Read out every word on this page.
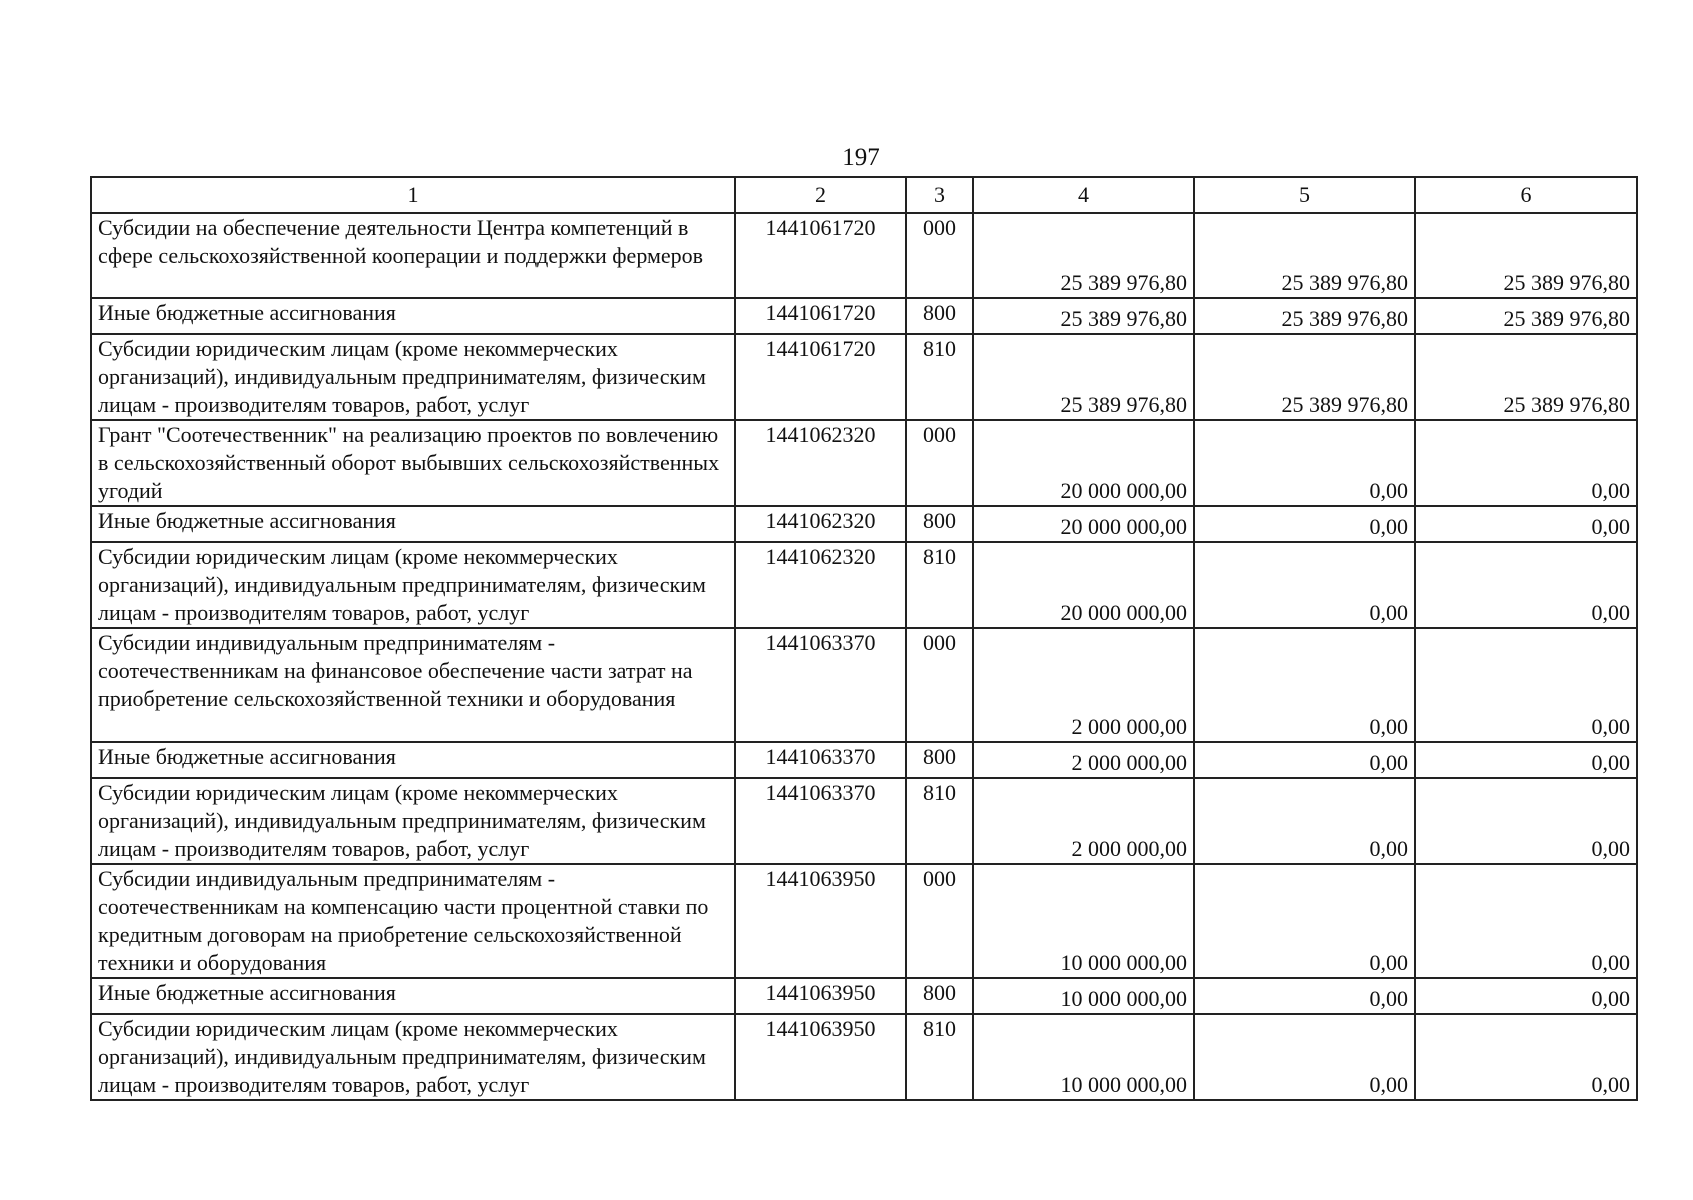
197
1	2	3	4	5	6
Субсидии на обеспечение деятельности Центра компетенций в сфере сельскохозяйственной кооперации и поддержки фермеров	1441061720	000	25 389 976,80	25 389 976,80	25 389 976,80
Иные бюджетные ассигнования	1441061720	800	25 389 976,80	25 389 976,80	25 389 976,80
Субсидии юридическим лицам (кроме некоммерческих организаций), индивидуальным предпринимателям, физическим лицам - производителям товаров, работ, услуг	1441061720	810	25 389 976,80	25 389 976,80	25 389 976,80
Грант "Соотечественник" на реализацию проектов по вовлечению в сельскохозяйственный оборот выбывших сельскохозяйственных угодий	1441062320	000	20 000 000,00	0,00	0,00
Иные бюджетные ассигнования	1441062320	800	20 000 000,00	0,00	0,00
Субсидии юридическим лицам (кроме некоммерческих организаций), индивидуальным предпринимателям, физическим лицам - производителям товаров, работ, услуг	1441062320	810	20 000 000,00	0,00	0,00
Субсидии индивидуальным предпринимателям - соотечественникам на финансовое обеспечение части затрат на приобретение сельскохозяйственной техники и оборудования	1441063370	000	2 000 000,00	0,00	0,00
Иные бюджетные ассигнования	1441063370	800	2 000 000,00	0,00	0,00
Субсидии юридическим лицам (кроме некоммерческих организаций), индивидуальным предпринимателям, физическим лицам - производителям товаров, работ, услуг	1441063370	810	2 000 000,00	0,00	0,00
Субсидии индивидуальным предпринимателям - соотечественникам на компенсацию части процентной ставки по кредитным договорам на приобретение сельскохозяйственной техники и оборудования	1441063950	000	10 000 000,00	0,00	0,00
Иные бюджетные ассигнования	1441063950	800	10 000 000,00	0,00	0,00
Субсидии юридическим лицам (кроме некоммерческих организаций), индивидуальным предпринимателям, физическим лицам - производителям товаров, работ, услуг	1441063950	810	10 000 000,00	0,00	0,00
